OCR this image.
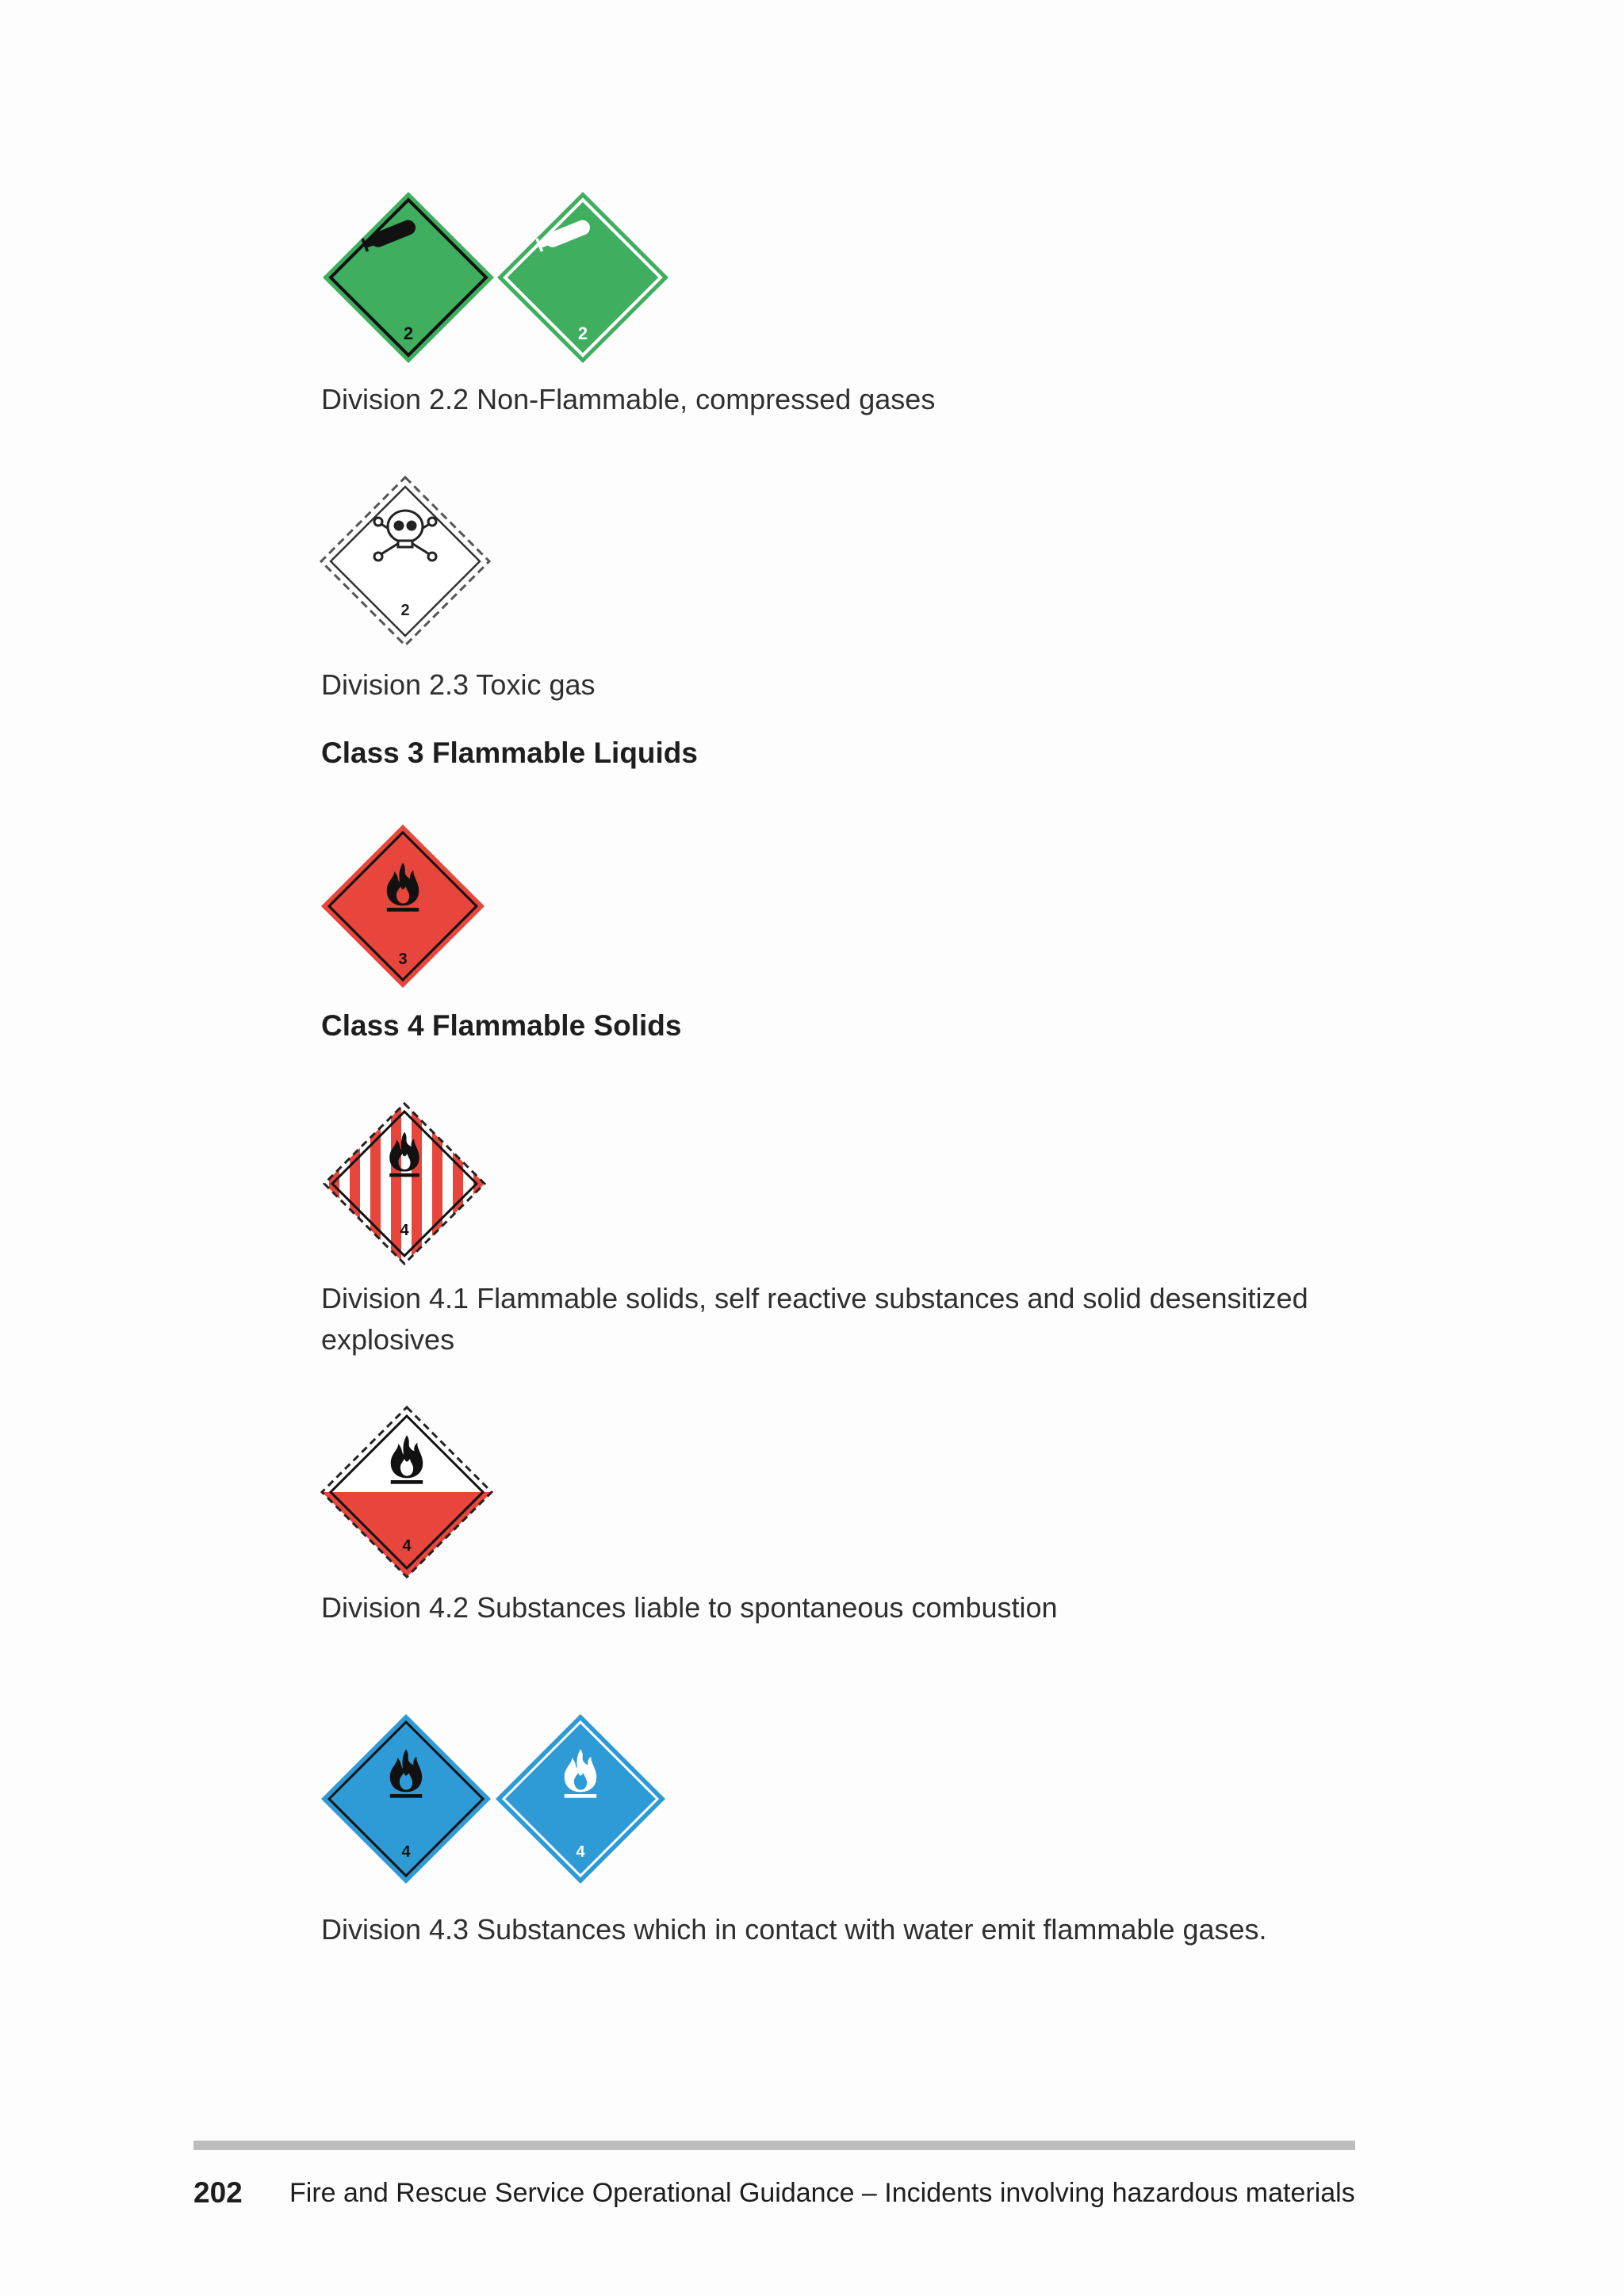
2	2

Division 2.2 Non-Flammable, compressed gases

2

Division 2.3 Toxic gas

Class 3 Flammable Liquids
3
Class 4 Flammable Solids
4

Division 4.1 Flammable solids, self reactive substances and solid desensitized explosives

4

Division 4.2 Substances liable to spontaneous combustion

4	4

Division 4.3 Substances which in contact with water emit flammable gases.

202 Fire and Rescue Service Operational Guidance – Incidents involving hazardous materials
